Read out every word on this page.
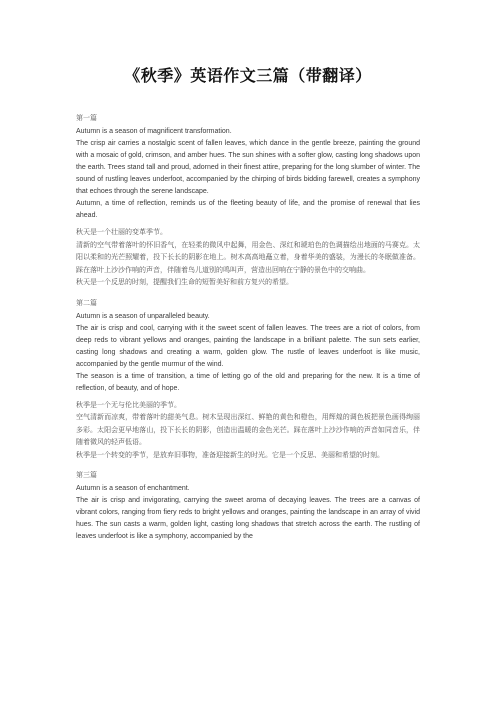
《秋季》英语作文三篇（带翻译）

第一篇

Autumn is a season of magnificent transformation.

The crisp air carries a nostalgic scent of fallen leaves, which dance in the gentle breeze, painting the ground with a mosaic of gold, crimson, and amber hues. The sun shines with a softer glow, casting long shadows upon the earth. Trees stand tall and proud, adorned in their finest attire, preparing for the long slumber of winter. The sound of rustling leaves underfoot, accompanied by the chirping of birds bidding farewell, creates a symphony that echoes through the serene landscape.

Autumn, a time of reflection, reminds us of the fleeting beauty of life, and the promise of renewal that lies ahead.

秋天是一个壮丽的变革季节。

清新的空气带着落叶的怀旧香气，在轻柔的微风中起舞，用金色、深红和琥珀色的色调描绘出地面的马赛克。太阳以柔和的光芒照耀着，投下长长的阴影在地上。树木高高地矗立着，身着华美的盛装，为漫长的冬眠做准备。踩在落叶上沙沙作响的声音，伴随着鸟儿道别的鸣叫声，营造出回响在宁静的景色中的交响曲。

秋天是一个反思的时刻，提醒我们生命的短暂美好和前方复兴的希望。

第二篇

Autumn is a season of unparalleled beauty.

The air is crisp and cool, carrying with it the sweet scent of fallen leaves. The trees are a riot of colors, from deep reds to vibrant yellows and oranges, painting the landscape in a brilliant palette. The sun sets earlier, casting long shadows and creating a warm, golden glow. The rustle of leaves underfoot is like music, accompanied by the gentle murmur of the wind.

The season is a time of transition, a time of letting go of the old and preparing for the new. It is a time of reflection, of beauty, and of hope.

秋季是一个无与伦比美丽的季节。

空气清新而凉爽，带着落叶的甜美气息。树木呈现出深红、鲜艳的黄色和橙色，用辉煌的调色板把景色画得绚丽多彩。太阳会更早地落山，投下长长的阴影，创造出温暖的金色光芒。踩在落叶上沙沙作响的声音如同音乐，伴随着微风的轻声低语。

秋季是一个转变的季节，是放弃旧事物，准备迎接新生的时光。它是一个反思、美丽和希望的时刻。

第三篇

Autumn is a season of enchantment.

The air is crisp and invigorating, carrying the sweet aroma of decaying leaves. The trees are a canvas of vibrant colors, ranging from fiery reds to bright yellows and oranges, painting the landscape in an array of vivid hues. The sun casts a warm, golden light, casting long shadows that stretch across the earth. The rustling of leaves underfoot is like a symphony, accompanied by the
